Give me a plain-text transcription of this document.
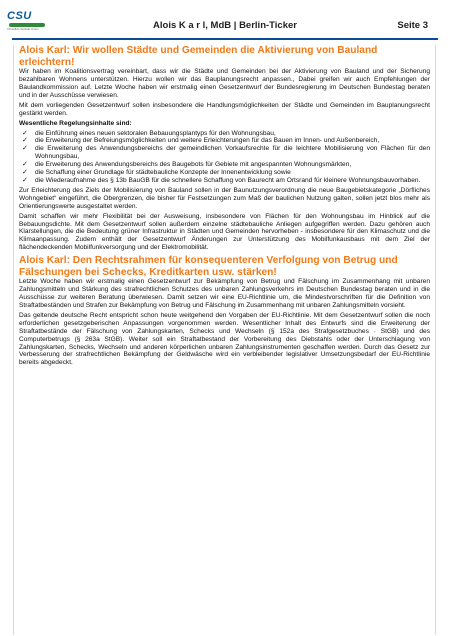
CSU
Christlich-Soziale Union	Alois K a r l, MdB | Berlin-Ticker	Seite 3
Alois Karl: Wir wollen Städte und Gemeinden die Aktivierung von Bauland erleichtern!

Wir haben im Koalitionsvertrag vereinbart, dass wir die Städte und Gemeinden bei der Aktivierung von Bauland und der Sicherung bezahlbaren Wohnens unterstützen. Hierzu wollen wir das Bauplanungsrecht anpassen., Dabei greifen wir auch Empfehlungen der Baulandkommission auf. Letzte Woche haben wir erstmalig einen Gesetzentwurf der Bundesregierung im Deutschen Bundestag beraten und in der Ausschüsse verwiesen.

Mit dem vorliegenden Gesetzentwurf sollen insbesondere die Handlungsmöglichkeiten der Städte und Gemeinden im Bauplanungsrecht gestärkt werden.

Wesentliche Regelungsinhalte sind:

✓ die Einführung eines neuen sektoralen Bebauungsplantyps für den Wohnungsbau,
✓ die Erweiterung der Befreiungsmöglichkeiten und weitere Erleichterungen für das Bauen im Innen- und Außenbereich,
✓ die Erweiterung des Anwendungsbereichs der gemeindlichen Vorkaufsrechte für die leichtere Mobilisierung von Flächen für den Wohnungsbau,
✓ die Erweiterung des Anwendungsbereichs des Baugebots für Gebiete mit angespannten Wohnungsmärkten,
✓ die Schaffung einer Grundlage für städtebauliche Konzepte der Innenentwicklung sowie
✓ die Wiederaufnahme des § 13b BauGB für die schnellere Schaffung von Baurecht am Ortsrand für kleinere Wohnungsbauvorhaben.

Zur Erleichterung des Ziels der Mobilisierung von Bauland sollen in der Baunutzungsverordnung die neue Baugebietskategorie „Dörfliches Wohngebiet“ eingeführt, die Obergrenzen, die bisher für Festsetzungen zum Maß der baulichen Nutzung galten, sollen jetzt blos mehr als Orientierungswerte ausgestaltet werden.

Damit schaffen wir mehr Flexibilität bei der Ausweisung, insbesondere von Flächen für den Wohnungsbau im Hinblick auf die Bebauungsdichte. Mit dem Gesetzentwurf sollen außerdem einzelne städtebauliche Anliegen aufgegriffen werden. Dazu gehören auch Klarstellungen, die die Bedeutung grüner Infrastruktur in Städten und Gemeinden hervorheben - insbesondere für den Klimaschutz und die Klimaanpassung. Zudem enthält der Gesetzentwurf Änderungen zur Unterstützung des Mobilfunkausbaus mit dem Ziel der flächendeckenden Mobilfunkversorgung und der Elektromobilität.

Alois Karl: Den Rechtsrahmen für konsequenteren Verfolgung von Betrug und Fälschungen bei Schecks, Kreditkarten usw. stärken!

Letzte Woche haben wir erstmalig einen Gesetzentwurf zur Bekämpfung von Betrug und Fälschung im Zusammenhang mit unbaren Zahlungsmitteln und Stärkung des strafrechtlichen Schutzes des unbaren Zahlungsverkehrs im Deutschen Bundestag beraten und in die Ausschüsse zur weiteren Beratung überwiesen. Damit setzen wir eine EU-Richtlinie um, die Mindestvorschriften für die Definition von Straftatbeständen und Strafen zur Bekämpfung von Betrug und Fälschung im Zusammenhang mit unbaren Zahlungsmitteln vorsieht.

Das geltende deutsche Recht entspricht schon heute weitgehend den Vorgaben der EU-Richtlinie. Mit dem Gesetzentwurf sollen die noch erforderlichen gesetzgeberischen Anpassungen vorgenommen werden. Wesentlicher Inhalt des Entwurfs sind die Erweiterung der Straftatbestände der Fälschung von Zahlungskarten, Schecks und Wechseln (§ 152a des Strafgesetzbuches · StGB) und des Computerbetrugs (§ 263a StGB). Weiter soll ein Straftatbestand der Vorbereitung des Diebstahls oder der Unterschlagung von Zahlungskarten, Schecks, Wechseln und anderen körperlichen unbaren Zahlungsinstrumenten geschaffen werden. Durch das Gesetz zur Verbesserung der strafrechtlichen Bekämpfung der Geldwäsche wird ein verbleibender legislativer Umsetzungsbedarf der EU-Richtlinie bereits abgedeckt.
